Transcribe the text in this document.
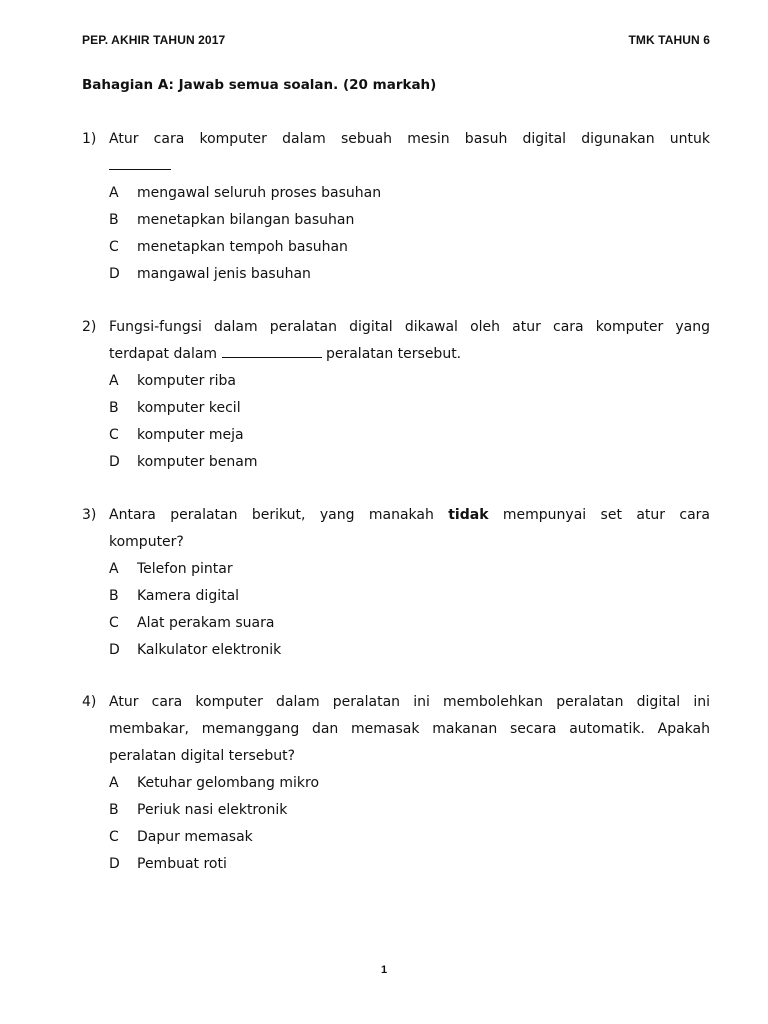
PEP. AKHIR TAHUN 2017	TMK TAHUN 6
Bahagian A: Jawab semua soalan. (20 markah)
1) Atur cara komputer dalam sebuah mesin basuh digital digunakan untuk
A mengawal seluruh proses basuhan
B menetapkan bilangan basuhan
C menetapkan tempoh basuhan
D mangawal jenis basuhan
2) Fungsi-fungsi dalam peralatan digital dikawal oleh atur cara komputer yang
terdapat dalam	peralatan tersebut.
A komputer riba
B komputer kecil
C komputer meja
D komputer benam
3) Antara peralatan berikut, yang manakah tidak mempunyai set atur cara
komputer?
A Telefon pintar
B Kamera digital
C Alat perakam suara
D Kalkulator elektronik
4) Atur cara komputer dalam peralatan ini membolehkan peralatan digital ini
membakar, memanggang dan memasak makanan secara automatik. Apakah
peralatan digital tersebut?
A Ketuhar gelombang mikro
B Periuk nasi elektronik
C Dapur memasak
D Pembuat roti
1
